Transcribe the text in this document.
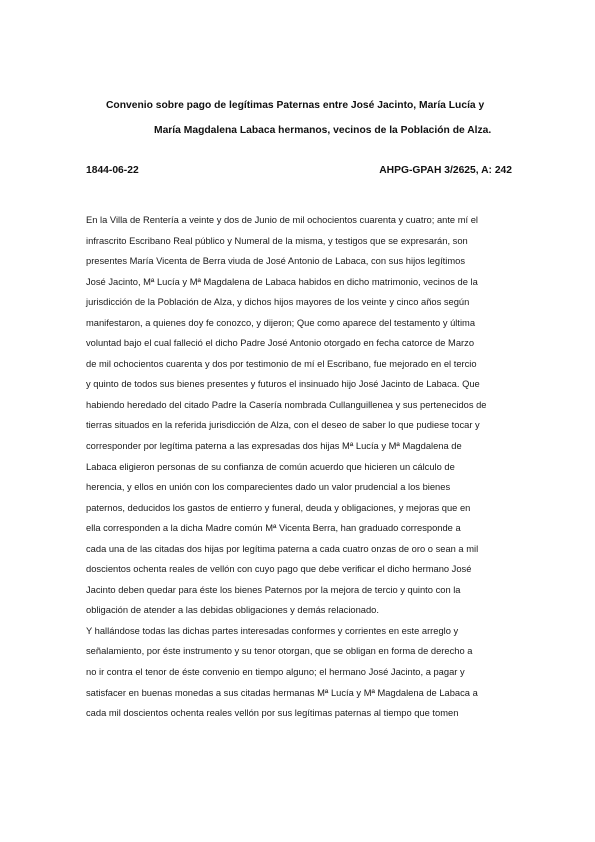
Convenio sobre pago de legítimas Paternas entre José Jacinto, María Lucía y
María Magdalena Labaca hermanos, vecinos de la Población de Alza.
1844-06-22	AHPG-GPAH 3/2625, A: 242
En la Villa de Rentería a veinte y dos de Junio de mil ochocientos cuarenta y cuatro; ante mí el
infrascrito Escribano Real público y Numeral de la misma, y testigos que se expresarán, son
presentes María Vicenta de Berra viuda de José Antonio de Labaca, con sus hijos legítimos
José Jacinto, Mª Lucía y Mª Magdalena de Labaca habidos en dicho matrimonio, vecinos de la
jurisdicción de la Población de Alza, y dichos hijos mayores de los veinte y cinco años según
manifestaron, a quienes doy fe conozco, y dijeron; Que como aparece del testamento y última
voluntad bajo el cual falleció el dicho Padre José Antonio otorgado en fecha catorce de Marzo
de mil ochocientos cuarenta y dos por testimonio de mí el Escribano, fue mejorado en el tercio
y quinto de todos sus bienes presentes y futuros el insinuado hijo José Jacinto de Labaca. Que
habiendo heredado del citado Padre la Casería nombrada Cullanguillenea y sus pertenecidos de
tierras situados en la referida jurisdicción de Alza, con el deseo de saber lo que pudiese tocar y
corresponder por legítima paterna a las expresadas dos hijas Mª Lucía y Mª Magdalena de
Labaca eligieron personas de su confianza de común acuerdo que hicieren un cálculo de
herencia, y ellos en unión con los comparecientes dado un valor prudencial a los bienes
paternos, deducidos los gastos de entierro y funeral, deuda y obligaciones, y mejoras que en
ella corresponden a la dicha Madre común Mª Vicenta Berra, han graduado corresponde a
cada una de las citadas dos hijas por legítima paterna a cada cuatro onzas de oro o sean a mil
doscientos ochenta reales de vellón con cuyo pago que debe verificar el dicho hermano José
Jacinto deben quedar para éste los bienes Paternos por la mejora de tercio y quinto con la
obligación de atender a las debidas obligaciones y demás relacionado.
Y hallándose todas las dichas partes interesadas conformes y corrientes en este arreglo y
señalamiento, por éste instrumento y su tenor otorgan, que se obligan en forma de derecho a
no ir contra el tenor de éste convenio en tiempo alguno; el hermano José Jacinto, a pagar y
satisfacer en buenas monedas a sus citadas hermanas Mª Lucía y Mª Magdalena de Labaca a
cada mil doscientos ochenta reales vellón por sus legítimas paternas al tiempo que tomen
